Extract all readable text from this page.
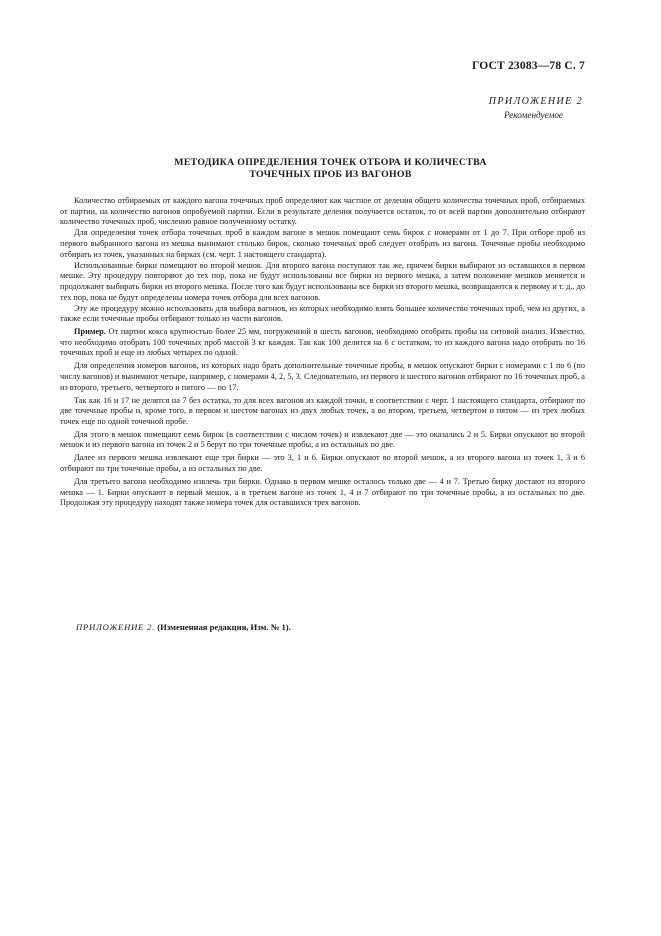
ГОСТ 23083—78 С. 7
ПРИЛОЖЕНИЕ 2
Рекомендуемое
МЕТОДИКА ОПРЕДЕЛЕНИЯ ТОЧЕК ОТБОРА И КОЛИЧЕСТВА
ТОЧЕЧНЫХ ПРОБ ИЗ ВАГОНОВ

Количество отбираемых от каждого вагона точечных проб определяют как частное от деления общего количества точечных проб, отбираемых от партии, на количество вагонов опробуемой партии. Если в результате деления получается остаток, то от всей партии дополнительно отбирают количество точечных проб, численно равное полученному остатку.

Для определения точек отбора точечных проб в каждом вагоне в мешок помещают семь бирок с номерами от 1 до 7. При отборе проб из первого выбранного вагона из мешка вынимают столько бирок, сколько точечных проб следует отобрать из вагона. Точечные пробы необходимо отбирать из точек, указанных на бирках (см. черт. 1 настоящего стандарта).

Использованные бирки помещают во второй мешок. Для второго вагона поступают так же, причем бирки выбирают из оставшихся в первом мешке. Эту процедуру повторяют до тех пор, пока не будут использованы все бирки из первого мешка, а затем положение мешков меняется и продолжают выбирать бирки из второго мешка. После того как будут использованы все бирки из второго мешка, возвращаются к первому и т. д., до тех пор, пока не будут определены номера точек отбора для всех вагонов.

Эту же процедуру можно использовать для выбора вагонов, из которых необходимо взять большее количество точечных проб, чем из других, а также если точечные пробы отбирают только из части вагонов.

Пример. От партии кокса крупностью более 25 мм, погруженной в шесть вагонов, необходимо отобрать пробы на ситовой анализ. Известно, что необходимо отобрать 100 точечных проб массой 3 кг каждая. Так как 100 делится на 6 с остатком, то из каждого вагона надо отобрать по 16 точечных проб и еще из любых четырех по одной.

Для определения номеров вагонов, из которых надо брать дополнительные точечные пробы, в мешок опускают бирки с номерами с 1 по 6 (по числу вагонов) и вынимают четыре, например, с номерами 4, 2, 5, 3. Следовательно, из первого и шестого вагонов отбирают по 16 точечных проб, а из второго, третьего, четвертого и пятого — по 17.

Так как 16 и 17 не делятся на 7 без остатка, то для всех вагонов из каждой точки, в соответствии с черт. 1 настоящего стандарта, отбирают по две точечные пробы и, кроме того, в первом и шестом вагонах из двух любых точек, а во втором, третьем, четвертом и пятом — из трех любых точек еще по одной точечной пробе.

Для этого в мешок помещают семь бирок (в соответствии с числом точек) и извлекают две — это оказались 2 и 5. Бирки опускают во второй мешок и из первого вагона из точек 2 и 5 берут по три точечные пробы, а из остальных по две.

Далее из первого мешка извлекают еще три бирки — это 3, 1 и 6. Бирки опускают во второй мешок, а из второго вагона из точек 1, 3 и 6 отбирают по три точечные пробы, а из остальных по две.

Для третьего вагона необходимо извлечь три бирки. Однако в первом мешке осталось только две — 4 и 7. Третью бирку достают из второго мешка — 1. Бирки опускают в первый мешок, а в третьем вагоне из точек 1, 4 и 7 отбирают по три точечные пробы, а из остальных по две. Продолжая эту процедуру находят также номера точек для оставшихся трех вагонов.

ПРИЛОЖЕНИЕ 2. (Измененная редакция, Изм. № 1).
